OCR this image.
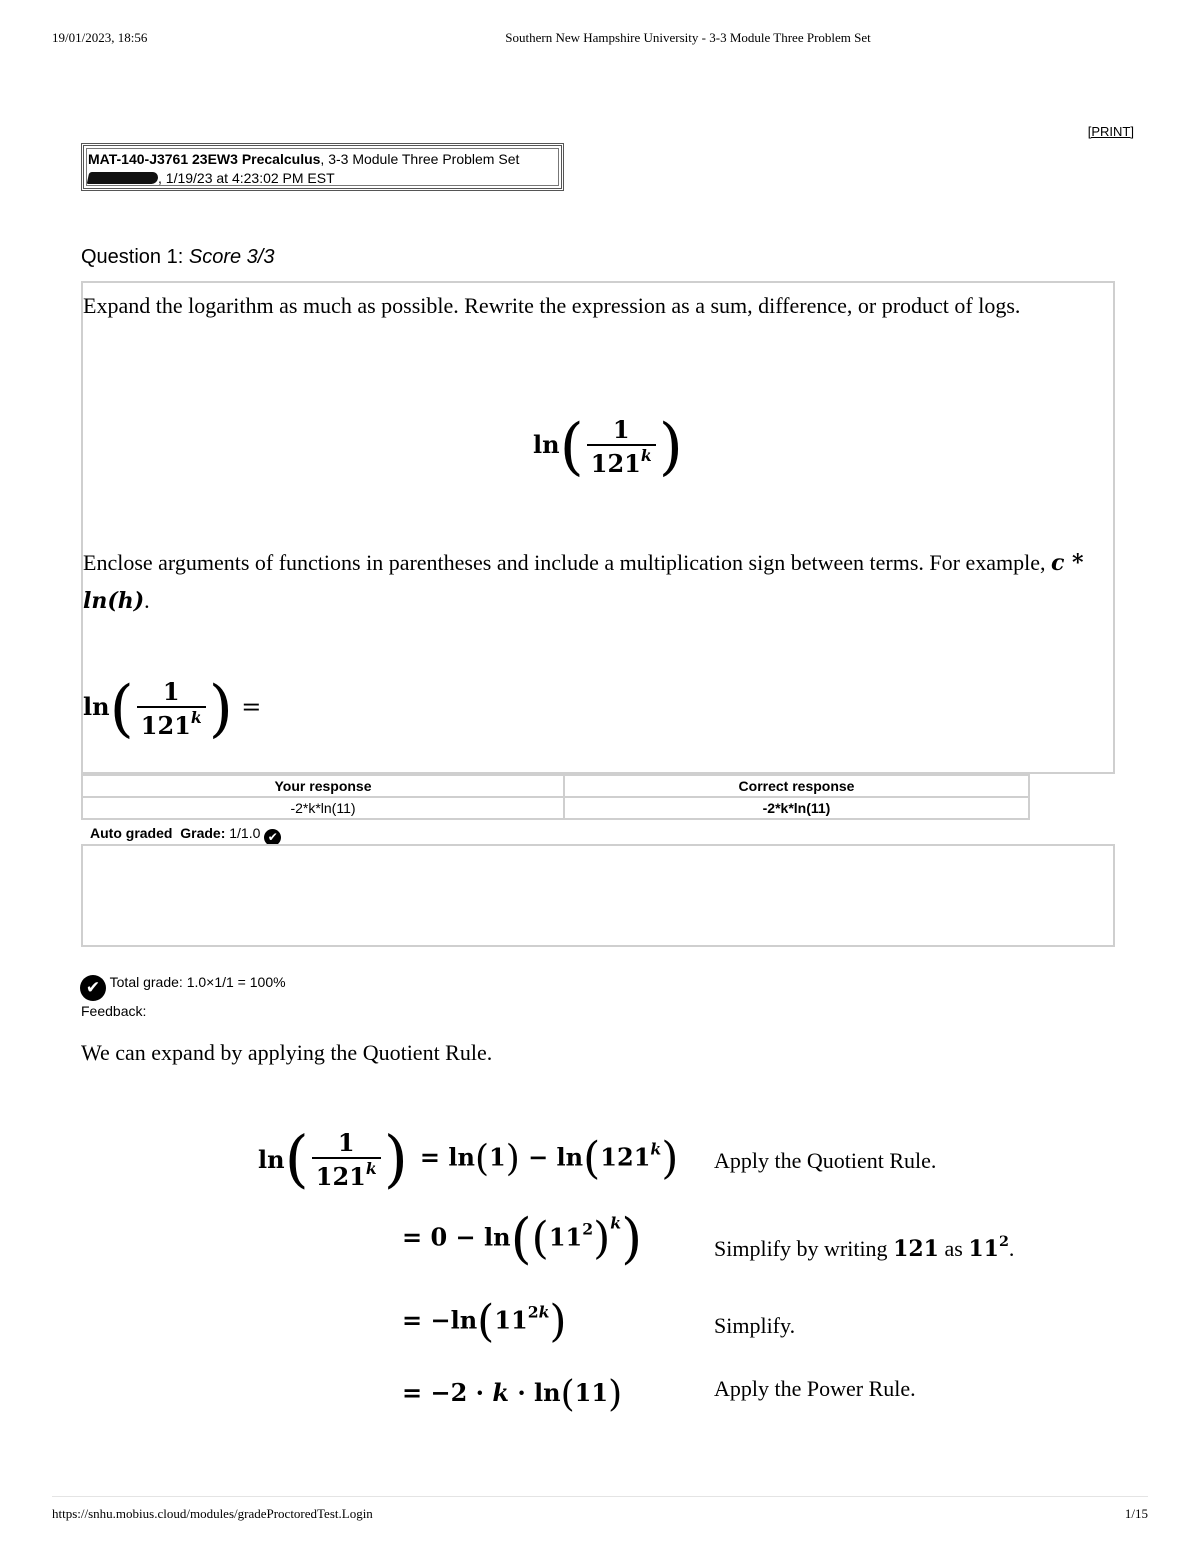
19/01/2023, 18:56	Southern New Hampshire University - 3-3 Module Three Problem Set
[PRINT]
MAT-140-J3761 23EW3 Precalculus, 3-3 Module Three Problem Set
, 1/19/23 at 4:23:02 PM EST
Question 1: Score 3/3
Expand the logarithm as much as possible. Rewrite the expression as a sum, difference, or product of logs.
$\ln( \frac{1}{121^k}$ )
Enclose arguments of functions in parentheses and include a multiplication sign between terms. For example, c * ln(h).
$\ln( \frac{1}{121^k}$ ) =
Your response	Correct response
-2*k*ln(11)	-2*k*ln(11)
Auto graded Grade: 1/1.0 ✔
✔ Total grade: 1.0×1/1 = 100%
Feedback:
We can expand by applying the Quotient Rule.
ln ( $\frac{1}{121^k}$ ) = $\ln(1) - \ln(121^k)$ Apply the Quotient Rule.
= $0 - \ln((11^2)^k)$	Simplify by writing 121 as $11^2$.
= $-\ln(11^{2k})$	Simplify.
= −2 · k · ln(11)	Apply the Power Rule.
https://snhu.mobius.cloud/modules/gradeProctoredTest.Login	1/15
